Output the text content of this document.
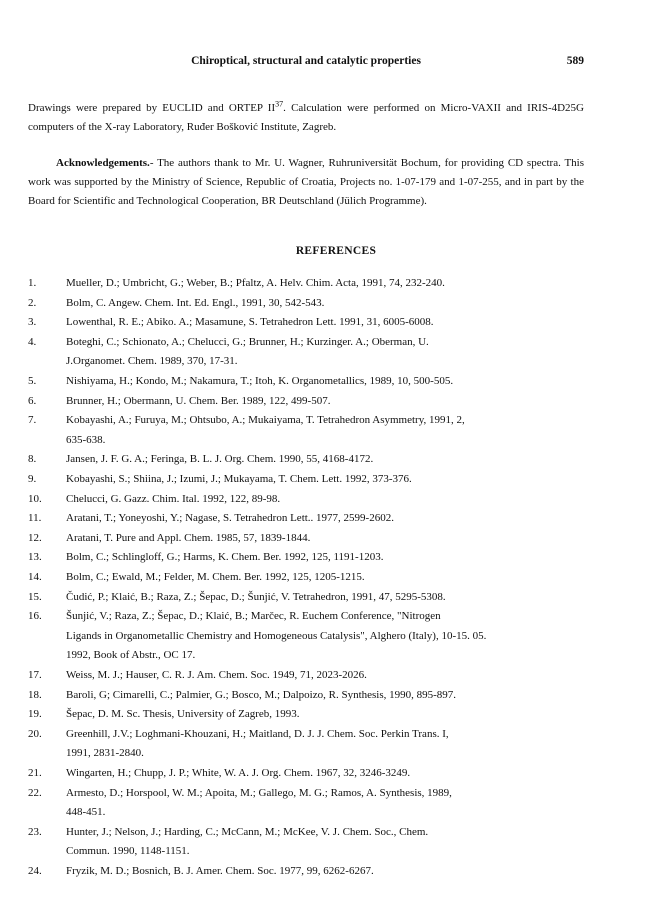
Chiroptical, structural and catalytic properties	589

Drawings were prepared by EUCLID and ORTEP II$^{37}$. Calculation were performed on Micro-VAXII and IRIS-4D25G computers of the X-ray Laboratory, Ruđer Bošković Institute, Zagreb.

Acknowledgements.- The authors thank to Mr. U. Wagner, Ruhruniversität Bochum, for providing CD spectra. This work was supported by the Ministry of Science, Republic of Croatia, Projects no. 1-07-179 and 1-07-255, and in part by the Board for Scientific and Technological Cooperation, BR Deutschland (Jülich Programme).

REFERENCES
1.	Mueller, D.; Umbricht, G.; Weber, B.; Pfaltz, A. Helv. Chim. Acta, 1991, 74, 232-240.
2.	Bolm, C. Angew. Chem. Int. Ed. Engl., 1991, 30, 542-543.
3.	Lowenthal, R. E.; Abiko. A.; Masamune, S. Tetrahedron Lett. 1991, 31, 6005-6008.
4.	Boteghi, C.; Schionato, A.; Chelucci, G.; Brunner, H.; Kurzinger. A.; Oberman, U.
J.Organomet. Chem. 1989, 370, 17-31.
5.	Nishiyama, H.; Kondo, M.; Nakamura, T.; Itoh, K. Organometallics, 1989, 10, 500-505.
6.	Brunner, H.; Obermann, U. Chem. Ber. 1989, 122, 499-507.
7.	Kobayashi, A.; Furuya, M.; Ohtsubo, A.; Mukaiyama, T. Tetrahedron Asymmetry, 1991, 2,
635-638.
8.	Jansen, J. F. G. A.; Feringa, B. L. J. Org. Chem. 1990, 55, 4168-4172.
9.	Kobayashi, S.; Shiina, J.; Izumi, J.; Mukayama, T. Chem. Lett. 1992, 373-376.
10.	Chelucci, G. Gazz. Chim. Ital. 1992, 122, 89-98.
11.	Aratani, T.; Yoneyoshi, Y.; Nagase, S. Tetrahedron Lett.. 1977, 2599-2602.
12.	Aratani, T. Pure and Appl. Chem. 1985, 57, 1839-1844.
13.	Bolm, C.; Schlingloff, G.; Harms, K. Chem. Ber. 1992, 125, 1191-1203.
14.	Bolm, C.; Ewald, M.; Felder, M. Chem. Ber. 1992, 125, 1205-1215.
15.	Čudić, P.; Klaić, B.; Raza, Z.; Šepac, D.; Šunjić, V. Tetrahedron, 1991, 47, 5295-5308.
16.	Šunjić, V.; Raza, Z.; Šepac, D.; Klaić, B.; Marčec, R. Euchem Conference, "Nitrogen
Ligands in Organometallic Chemistry and Homogeneous Catalysis", Alghero (Italy), 10-15. 05.
1992, Book of Abstr., OC 17.
17.	Weiss, M. J.; Hauser, C. R. J. Am. Chem. Soc. 1949, 71, 2023-2026.
18.	Baroli, G; Cimarelli, C.; Palmier, G.; Bosco, M.; Dalpoizo, R. Synthesis, 1990, 895-897.
19.	Šepac, D. M. Sc. Thesis, University of Zagreb, 1993.
20.	Greenhill, J.V.; Loghmani-Khouzani, H.; Maitland, D. J. J. Chem. Soc. Perkin Trans. I,
1991, 2831-2840.
21.	Wingarten, H.; Chupp, J. P.; White, W. A. J. Org. Chem. 1967, 32, 3246-3249.
22.	Armesto, D.; Horspool, W. M.; Apoita, M.; Gallego, M. G.; Ramos, A. Synthesis, 1989,
448-451.
23.	Hunter, J.; Nelson, J.; Harding, C.; McCann, M.; McKee, V. J. Chem. Soc., Chem.
Commun. 1990, 1148-1151.
24.	Fryzik, M. D.; Bosnich, B. J. Amer. Chem. Soc. 1977, 99, 6262-6267.
